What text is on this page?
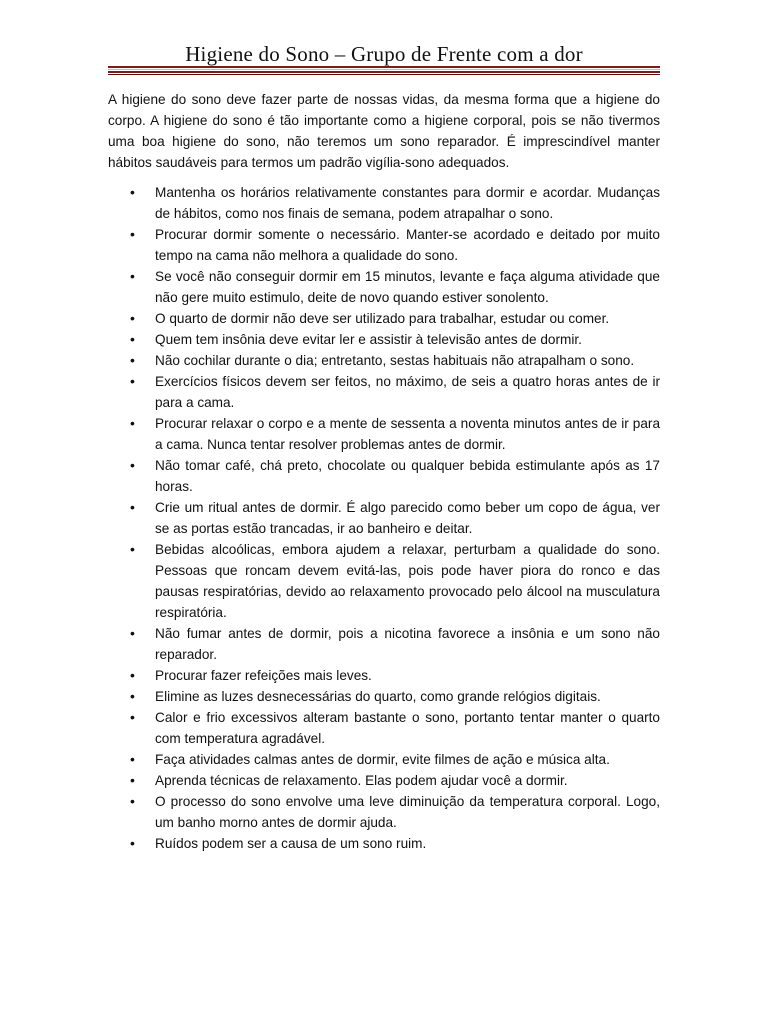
Higiene do Sono – Grupo de Frente com a dor

A higiene do sono deve fazer parte de nossas vidas, da mesma forma que a higiene do corpo. A higiene do sono é tão importante como a higiene corporal, pois se não tivermos uma boa higiene do sono, não teremos um sono reparador. É imprescindível manter hábitos saudáveis para termos um padrão vigília-sono adequados.

• Mantenha os horários relativamente constantes para dormir e acordar. Mudanças de hábitos, como nos finais de semana, podem atrapalhar o sono.
• Procurar dormir somente o necessário. Manter-se acordado e deitado por muito tempo na cama não melhora a qualidade do sono.
• Se você não conseguir dormir em 15 minutos, levante e faça alguma atividade que não gere muito estimulo, deite de novo quando estiver sonolento.
• O quarto de dormir não deve ser utilizado para trabalhar, estudar ou comer.
• Quem tem insônia deve evitar ler e assistir à televisão antes de dormir.
• Não cochilar durante o dia; entretanto, sestas habituais não atrapalham o sono.
• Exercícios físicos devem ser feitos, no máximo, de seis a quatro horas antes de ir para a cama.
• Procurar relaxar o corpo e a mente de sessenta a noventa minutos antes de ir para a cama. Nunca tentar resolver problemas antes de dormir.
• Não tomar café, chá preto, chocolate ou qualquer bebida estimulante após as 17 horas.
• Crie um ritual antes de dormir. É algo parecido como beber um copo de água, ver se as portas estão trancadas, ir ao banheiro e deitar.
• Bebidas alcoólicas, embora ajudem a relaxar, perturbam a qualidade do sono. Pessoas que roncam devem evitá-las, pois pode haver piora do ronco e das pausas respiratórias, devido ao relaxamento provocado pelo álcool na musculatura respiratória.
• Não fumar antes de dormir, pois a nicotina favorece a insônia e um sono não reparador.
• Procurar fazer refeições mais leves.
• Elimine as luzes desnecessárias do quarto, como grande relógios digitais.
• Calor e frio excessivos alteram bastante o sono, portanto tentar manter o quarto com temperatura agradável.
• Faça atividades calmas antes de dormir, evite filmes de ação e música alta.
• Aprenda técnicas de relaxamento. Elas podem ajudar você a dormir.
• O processo do sono envolve uma leve diminuição da temperatura corporal. Logo, um banho morno antes de dormir ajuda.
• Ruídos podem ser a causa de um sono ruim.
